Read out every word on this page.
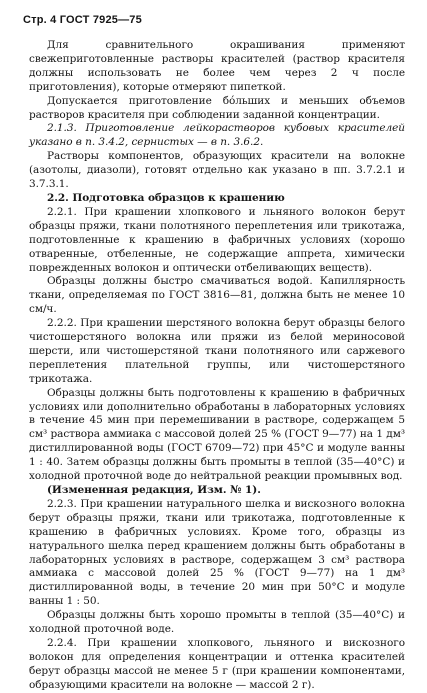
Стр. 4 ГОСТ 7925—75

Для сравнительного окрашивания применяют свежеприготовленные растворы красителей (раствор красителя должны использовать не более чем через 2 ч после приготовления), которые отмеряют пипеткой.

Допускается приготовление бóльших и меньших объемов растворов красителя при соблюдении заданной концентрации.

2.1.3. Приготовление лейкорастворов кубовых красителей указано в п. 3.4.2, сернистых — в п. 3.6.2.

Растворы компонентов, образующих красители на волокне (азотолы, диазоли), готовят отдельно как указано в пп. 3.7.2.1 и 3.7.3.1.

2.2. Подготовка образцов к крашению

2.2.1. При крашении хлопкового и льняного волокон берут образцы пряжи, ткани полотняного переплетения или трикотажа, подготовленные к крашению в фабричных условиях (хорошо отваренные, отбеленные, не содержащие аппрета, химически поврежденных волокон и оптически отбеливающих веществ).

Образцы должны быстро смачиваться водой. Капиллярность ткани, определяемая по ГОСТ 3816—81, должна быть не менее 10 см/ч.

2.2.2. При крашении шерстяного волокна берут образцы белого чистошерстяного волокна или пряжи из белой мериносовой шерсти, или чистошерстяной ткани полотняного или саржевого переплетения плательной группы, или чистошерстяного трикотажа.

Образцы должны быть подготовлены к крашению в фабричных условиях или дополнительно обработаны в лабораторных условиях в течение 45 мин при перемешивании в растворе, содержащем 5 см³ раствора аммиака с массовой долей 25 % (ГОСТ 9—77) на 1 дм³ дистиллированной воды (ГОСТ 6709—72) при 45°С и модуле ванны 1 : 40. Затем образцы должны быть промыты в теплой (35—40°С) и холодной проточной воде до нейтральной реакции промывных вод.

(Измененная редакция, Изм. № 1).

2.2.3. При крашении натурального шелка и вискозного волокна берут образцы пряжи, ткани или трикотажа, подготовленные к крашению в фабричных условиях. Кроме того, образцы из натурального шелка перед крашением должны быть обработаны в лабораторных условиях в растворе, содержащем 3 см³ раствора аммиака с массовой долей 25 % (ГОСТ 9—77) на 1 дм³ дистиллированной воды, в течение 20 мин при 50°С и модуле ванны 1 : 50.

Образцы должны быть хорошо промыты в теплой (35—40°С) и холодной проточной воде.

2.2.4. При крашении хлопкового, льняного и вискозного волокон для определения концентрации и оттенка красителей берут образцы массой не менее 5 г (при крашении компонентами, образующими красители на волокне — массой 2 г).
